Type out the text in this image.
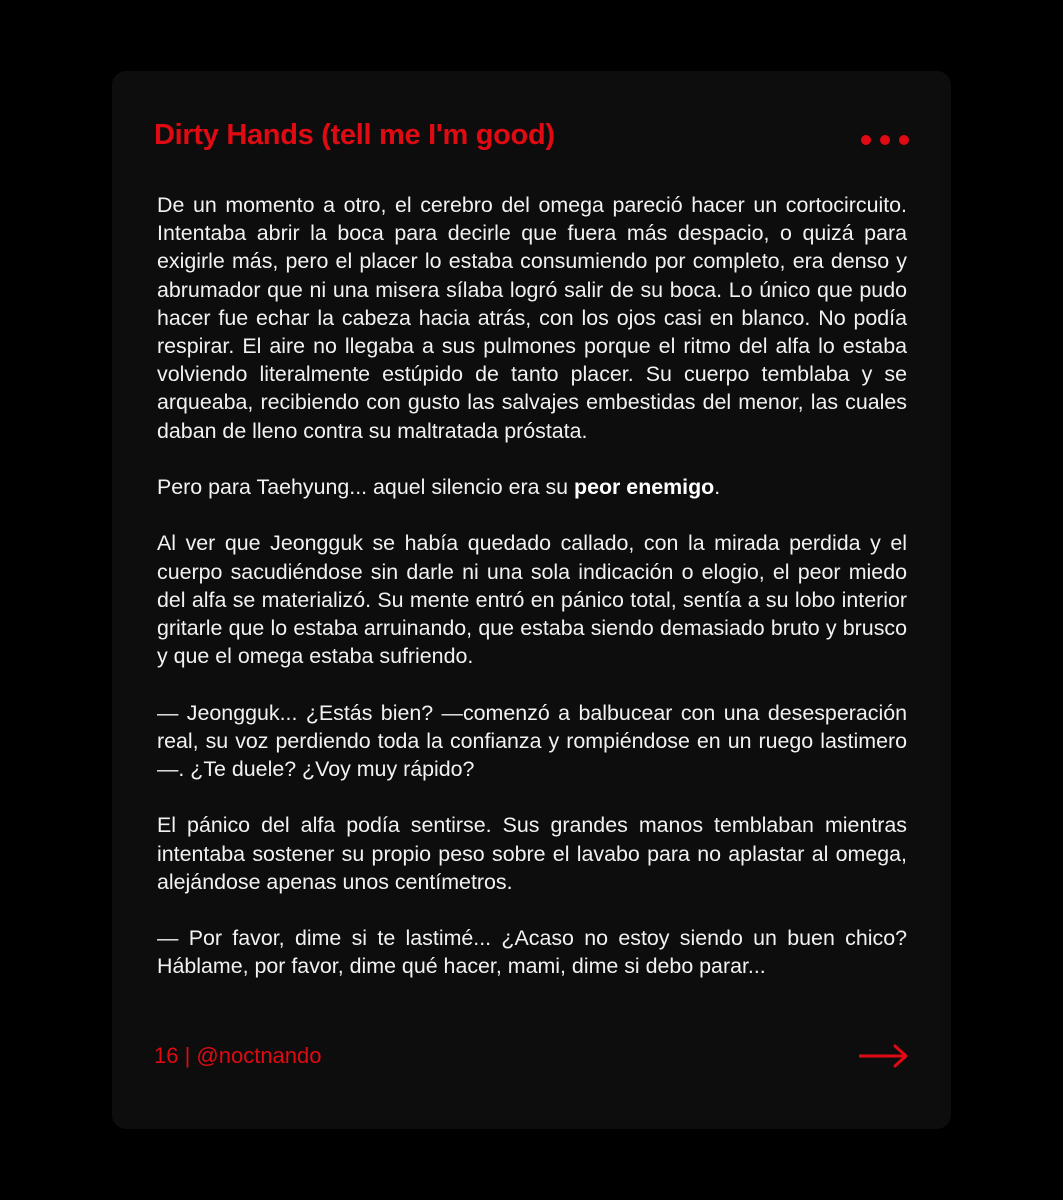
Dirty Hands (tell me I'm good)

De un momento a otro, el cerebro del omega pareció hacer un cortocircuito. Intentaba abrir la boca para decirle que fuera más despacio, o quizá para exigirle más, pero el placer lo estaba consumiendo por completo, era denso y abrumador que ni una misera sílaba logró salir de su boca. Lo único que pudo hacer fue echar la cabeza hacia atrás, con los ojos casi en blanco. No podía respirar. El aire no llegaba a sus pulmones porque el ritmo del alfa lo estaba volviendo literalmente estúpido de tanto placer. Su cuerpo temblaba y se arqueaba, recibiendo con gusto las salvajes embestidas del menor, las cuales daban de lleno contra su maltratada próstata.

Pero para Taehyung... aquel silencio era su peor enemigo.

Al ver que Jeongguk se había quedado callado, con la mirada perdida y el cuerpo sacudiéndose sin darle ni una sola indicación o elogio, el peor miedo del alfa se materializó. Su mente entró en pánico total, sentía a su lobo interior gritarle que lo estaba arruinando, que estaba siendo demasiado bruto y brusco y que el omega estaba sufriendo.

— Jeongguk... ¿Estás bien? —comenzó a balbucear con una desesperación real, su voz perdiendo toda la confianza y rompiéndose en un ruego lastimero—. ¿Te duele? ¿Voy muy rápido?

El pánico del alfa podía sentirse. Sus grandes manos temblaban mientras intentaba sostener su propio peso sobre el lavabo para no aplastar al omega, alejándose apenas unos centímetros.

— Por favor, dime si te lastimé... ¿Acaso no estoy siendo un buen chico? Háblame, por favor, dime qué hacer, mami, dime si debo parar...

16 | @noctnando
